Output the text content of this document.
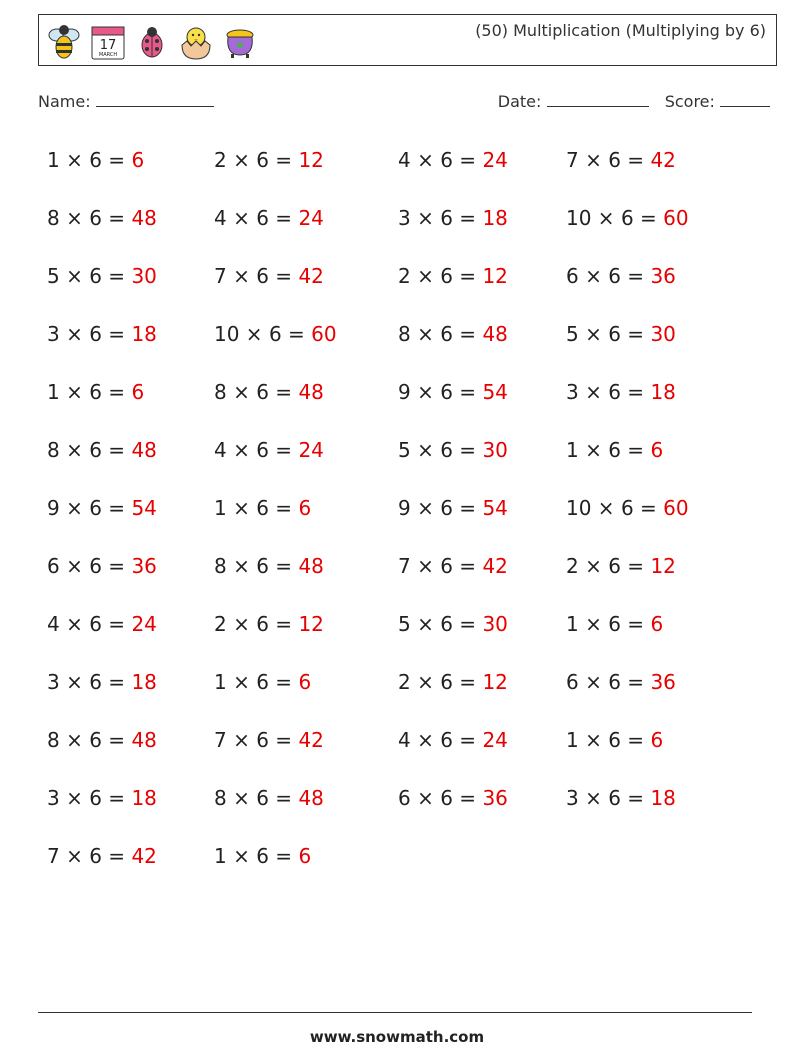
17
MARCH
(50) Multiplication (Multiplying by 6)
Name:	Date:	Score:
1 × 6 = 6
8 × 6 = 48
5 × 6 = 30
3 × 6 = 18
1 × 6 = 6
8 × 6 = 48
9 × 6 = 54
6 × 6 = 36
4 × 6 = 24
3 × 6 = 18
8 × 6 = 48
3 × 6 = 18
7 × 6 = 42
2 × 6 = 12
4 × 6 = 24
7 × 6 = 42
10 × 6 = 60
8 × 6 = 48
4 × 6 = 24
1 × 6 = 6
8 × 6 = 48
2 × 6 = 12
1 × 6 = 6
7 × 6 = 42
8 × 6 = 48
1 × 6 = 6
4 × 6 = 24
3 × 6 = 18
2 × 6 = 12
8 × 6 = 48
9 × 6 = 54
5 × 6 = 30
9 × 6 = 54
7 × 6 = 42
5 × 6 = 30
2 × 6 = 12
4 × 6 = 24
6 × 6 = 36
7 × 6 = 42
10 × 6 = 60
6 × 6 = 36
5 × 6 = 30
3 × 6 = 18
1 × 6 = 6
10 × 6 = 60
2 × 6 = 12
1 × 6 = 6
6 × 6 = 36
1 × 6 = 6
3 × 6 = 18
www.snowmath.com
